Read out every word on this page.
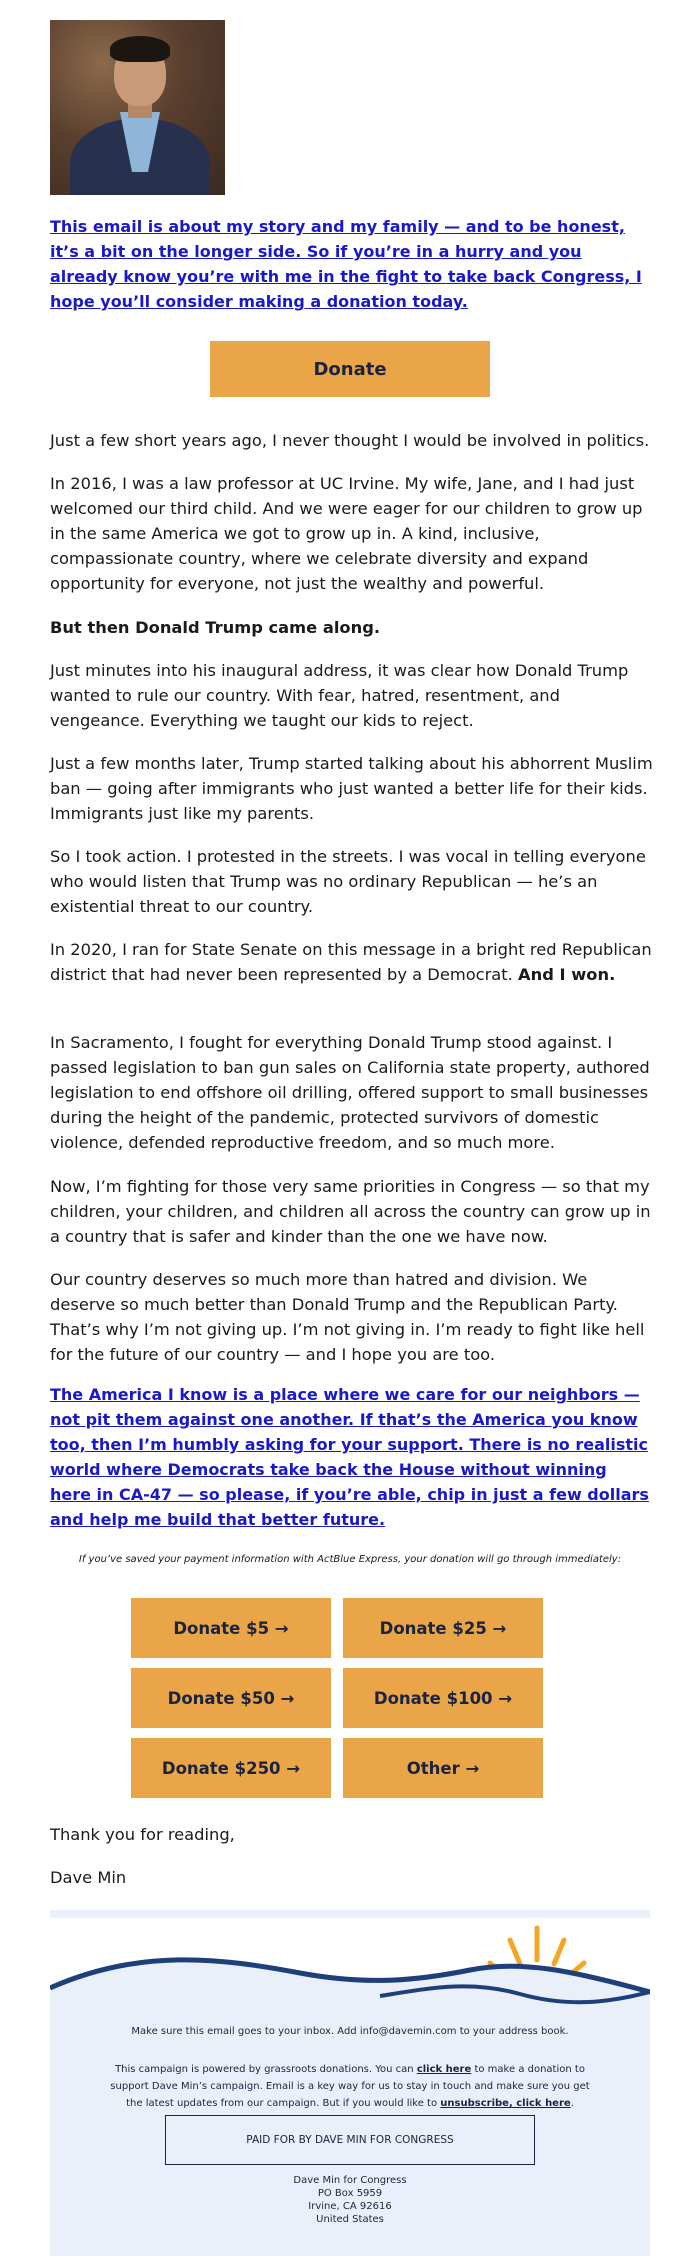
This email is about my story and my family — and to be honest, it’s a bit on the longer side. So if you’re in a hurry and you already know you’re with me in the fight to take back Congress, I hope you’ll consider making a donation today.

Donate

Just a few short years ago, I never thought I would be involved in politics.

In 2016, I was a law professor at UC Irvine. My wife, Jane, and I had just welcomed our third child. And we were eager for our children to grow up in the same America we got to grow up in. A kind, inclusive, compassionate country, where we celebrate diversity and expand opportunity for everyone, not just the wealthy and powerful.

But then Donald Trump came along.

Just minutes into his inaugural address, it was clear how Donald Trump wanted to rule our country. With fear, hatred, resentment, and vengeance. Everything we taught our kids to reject.

Just a few months later, Trump started talking about his abhorrent Muslim ban — going after immigrants who just wanted a better life for their kids. Immigrants just like my parents.

So I took action. I protested in the streets. I was vocal in telling everyone who would listen that Trump was no ordinary Republican — he’s an existential threat to our country.

In 2020, I ran for State Senate on this message in a bright red Republican district that had never been represented by a Democrat. And I won.

In Sacramento, I fought for everything Donald Trump stood against. I passed legislation to ban gun sales on California state property, authored legislation to end offshore oil drilling, offered support to small businesses during the height of the pandemic, protected survivors of domestic violence, defended reproductive freedom, and so much more.

Now, I’m fighting for those very same priorities in Congress — so that my children, your children, and children all across the country can grow up in a country that is safer and kinder than the one we have now.

Our country deserves so much more than hatred and division. We deserve so much better than Donald Trump and the Republican Party. That’s why I’m not giving up. I’m not giving in. I’m ready to fight like hell for the future of our country — and I hope you are too.

The America I know is a place where we care for our neighbors — not pit them against one another. If that’s the America you know too, then I’m humbly asking for your support. There is no realistic world where Democrats take back the House without winning here in CA-47 — so please, if you’re able, chip in just a few dollars and help me build that better future.

If you’ve saved your payment information with ActBlue Express, your donation will go through immediately:

Donate $5 →	Donate $25 →
Donate $50 →	Donate $100 →
Donate $250 →	Other →

Thank you for reading,

Dave Min

Make sure this email goes to your inbox. Add info@davemin.com to your address book.

This campaign is powered by grassroots donations. You can click here to make a donation to support Dave Min’s campaign. Email is a key way for us to stay in touch and make sure you get the latest updates from our campaign. But if you would like to unsubscribe, click here.
PAID FOR BY DAVE MIN FOR CONGRESS

Dave Min for Congress

PO Box 5959

Irvine, CA 92616

United States
